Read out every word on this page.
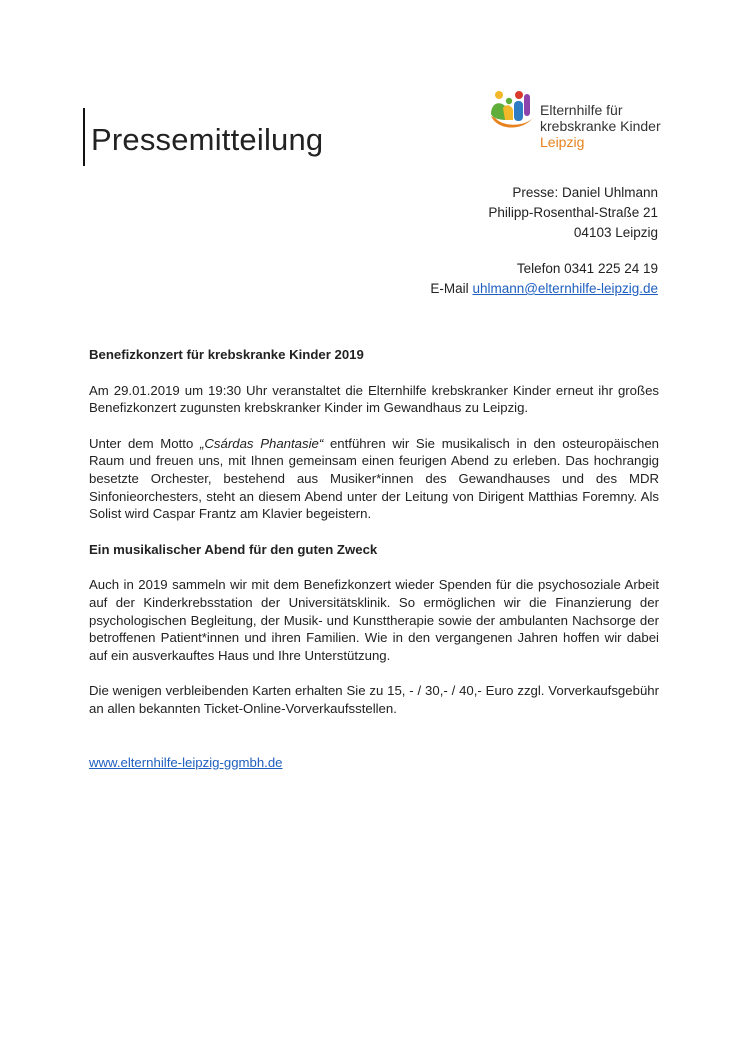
Pressemitteilung
Elternhilfe für
krebskranke Kinder
Leipzig
Presse: Daniel Uhlmann
Philipp-Rosenthal-Straße 21
04103 Leipzig
Telefon 0341 225 24 19
E-Mail uhlmann@elternhilfe-leipzig.de
Benefizkonzert für krebskranke Kinder 2019

Am 29.01.2019 um 19:30 Uhr veranstaltet die Elternhilfe krebskranker Kinder erneut ihr großes Benefizkonzert zugunsten krebskranker Kinder im Gewandhaus zu Leipzig.

Unter dem Motto „Csárdas Phantasie“ entführen wir Sie musikalisch in den osteuropäischen Raum und freuen uns, mit Ihnen gemeinsam einen feurigen Abend zu erleben. Das hochrangig besetzte Orchester, bestehend aus Musiker*innen des Gewandhauses und des MDR Sinfonieorchesters, steht an diesem Abend unter der Leitung von Dirigent Matthias Foremny. Als Solist wird Caspar Frantz am Klavier begeistern.

Ein musikalischer Abend für den guten Zweck

Auch in 2019 sammeln wir mit dem Benefizkonzert wieder Spenden für die psychosoziale Arbeit auf der Kinderkrebsstation der Universitätsklinik. So ermöglichen wir die Finanzierung der psychologischen Begleitung, der Musik- und Kunsttherapie sowie der ambulanten Nachsorge der betroffenen Patient*innen und ihren Familien. Wie in den vergangenen Jahren hoffen wir dabei auf ein ausverkauftes Haus und Ihre Unterstützung.

Die wenigen verbleibenden Karten erhalten Sie zu 15, - / 30,- / 40,- Euro zzgl. Vorverkaufsgebühr an allen bekannten Ticket-Online-Vorverkaufsstellen.

www.elternhilfe-leipzig-ggmbh.de
